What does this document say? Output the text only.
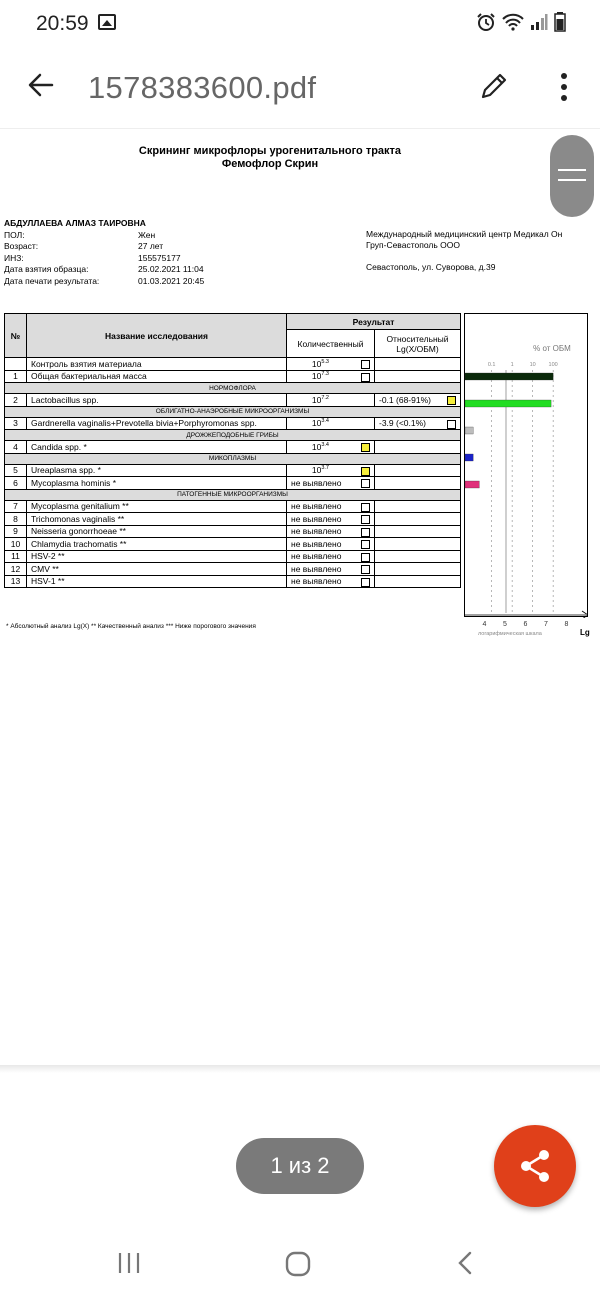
20:59
1578383600.pdf
Скрининг микрофлоры урогенитального тракта
Фемофлор Скрин
АБДУЛЛАЕВА АЛМАЗ ТАИРОВНА
ПОЛ:	Жен
Возраст:	27 лет
ИНЗ:	155575177
Дата взятия образца:	25.02.2021 11:04
Дата печати результата:	01.03.2021 20:45
Международный медицинский центр Медикал Он
Груп-Севастополь ООО
Севастополь, ул. Суворова, д.39
№	Название исследования	Результат	
		Количественный	Относительный
Lg(X/ОБМ)

	Контроль взятия материала	$10^{5.3}$

1	Общая бактериальная масса	$10^{7.3}$

НОРМОФЛОРА			
2	Lactobacillus spp.	$10^{7.2}$	-0.1 (68-91%)

ОБЛИГАТНО-АНАЭРОБНЫЕ МИКРООРГАНИЗМЫ			
3	Gardnerella vaginalis+Prevotella bivia+Porphyromonas spp.	$10^{3.4}$	-3.9 (<0.1%)

ДРОЖЖЕПОДОБНЫЕ ГРИБЫ			
4	Candida spp. *	$10^{3.4}$

МИКОПЛАЗМЫ			
5	Ureaplasma spp. *	$10^{3.7}$

6	Mycoplasma hominis *	не выявлено

ПАТОГЕННЫЕ МИКРООРГАНИЗМЫ			
7	Mycoplasma genitalium **	не выявлено

8	Trichomonas vaginalis **	не выявлено

9	Neisseria gonorrhoeae **	не выявлено

10	Chlamydia trachomatis **	не выявлено

11	HSV-2 **	не выявлено

12	CMV **	не выявлено

13	HSV-1 **	не выявлено

% от ОБМ
0.1	1	10 100
* Абсолютный анализ Lg(X) ** Качественный анализ *** Ниже порогового значения	4 5 6 7 8
логарифмическая шкала	Lg
1 из 2
